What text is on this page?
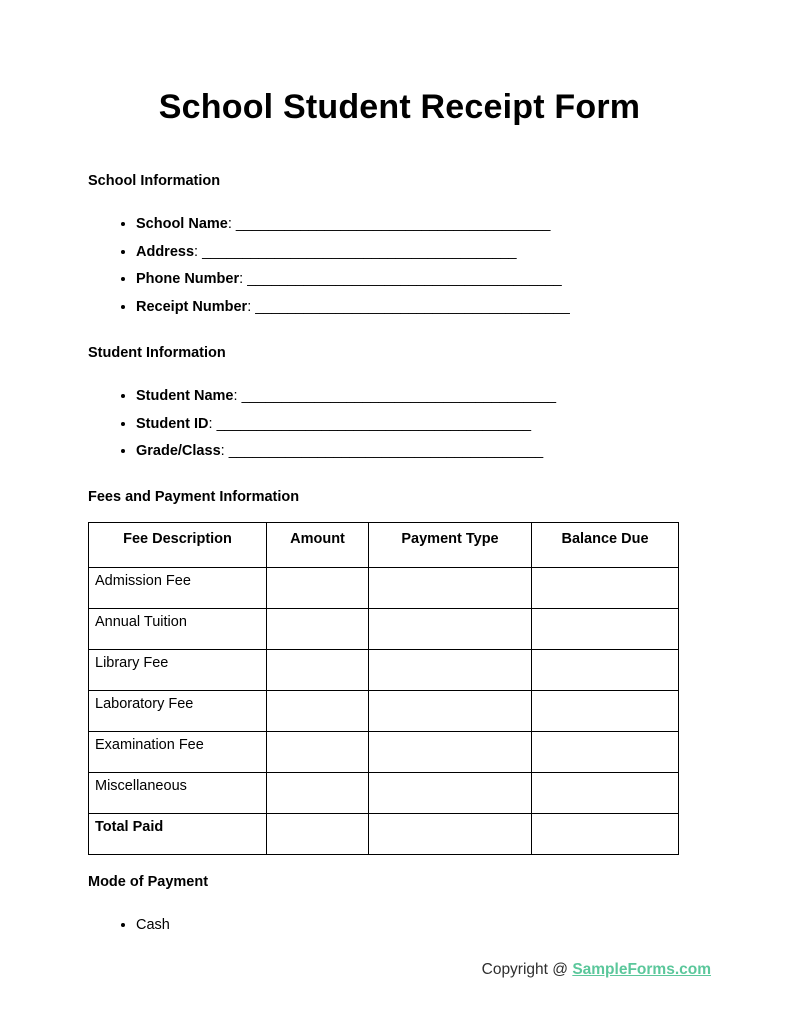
School Student Receipt Form
School Information
• School Name: _______________________________________
• Address: _______________________________________
• Phone Number: _______________________________________
• Receipt Number: _______________________________________
Student Information
• Student Name: _______________________________________
• Student ID: _______________________________________
• Grade/Class: _______________________________________
Fees and Payment Information
Fee Description	Amount	Payment Type	Balance Due
Admission Fee			
Annual Tuition			
Library Fee			
Laboratory Fee			
Examination Fee			
Miscellaneous			
Total Paid			
Mode of Payment
• Cash
Copyright @ SampleForms.com
